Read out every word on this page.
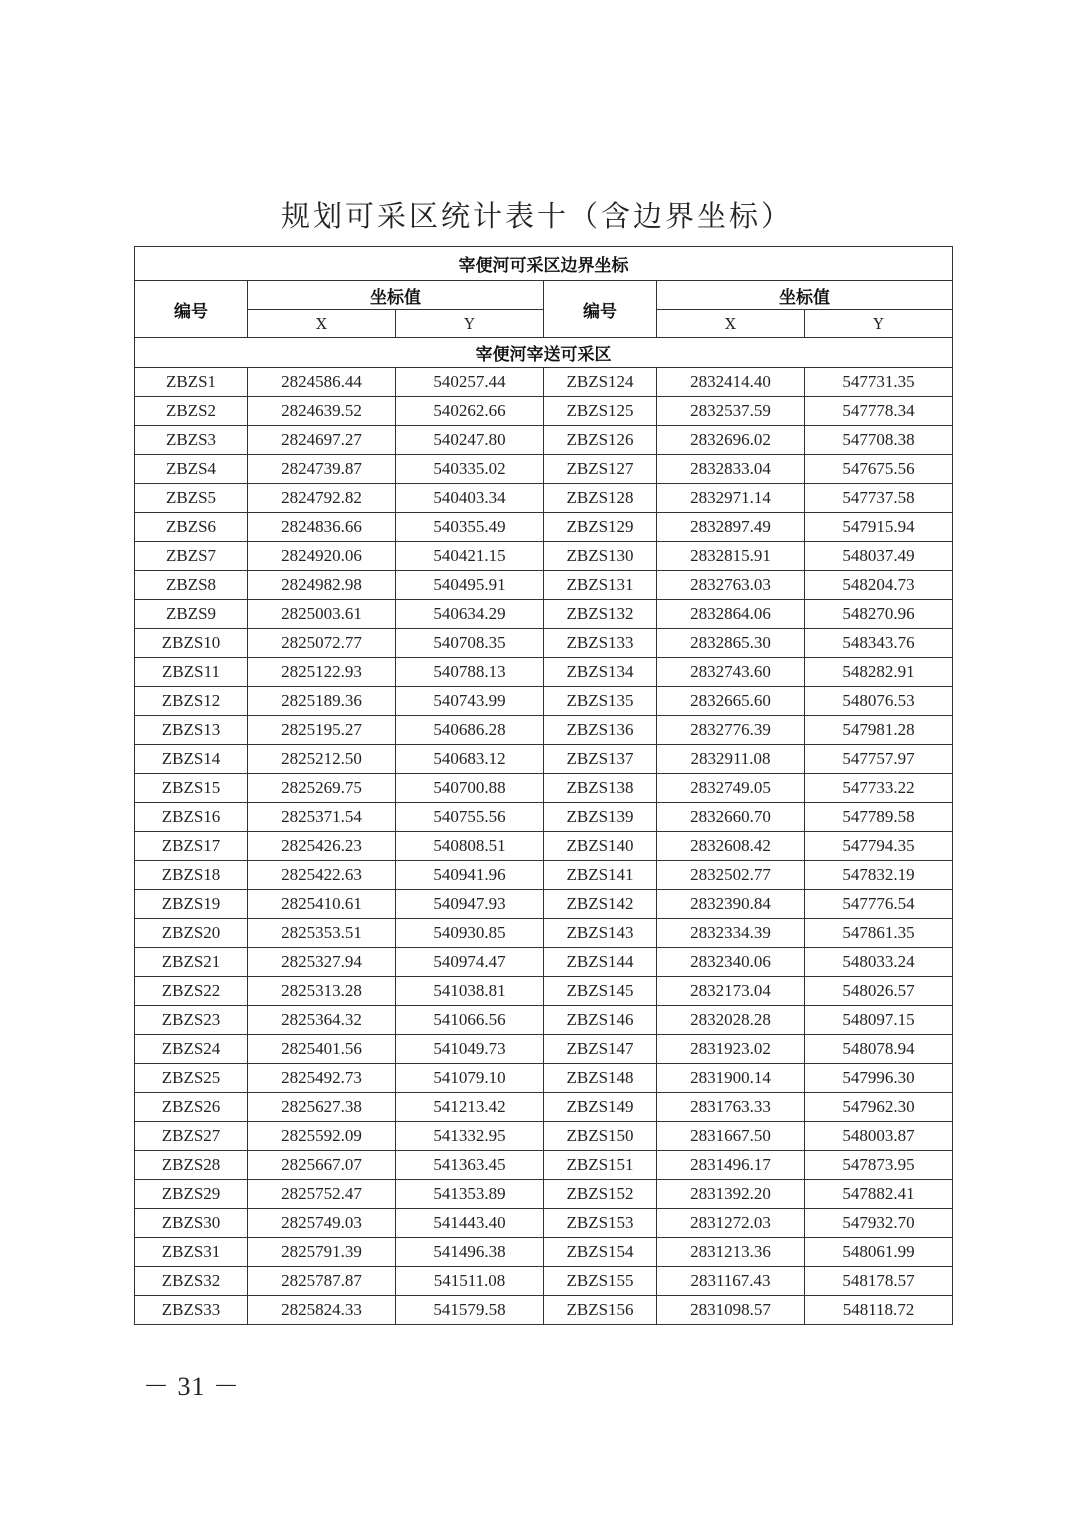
规划可采区统计表十（含边界坐标）
宰便河可采区边界坐标					
编号	坐标值		编号	坐标值	
	X	Y		X	Y
宰便河宰送可采区					
ZBZS1	2824586.44	540257.44	ZBZS124	2832414.40	547731.35
ZBZS2	2824639.52	540262.66	ZBZS125	2832537.59	547778.34
ZBZS3	2824697.27	540247.80	ZBZS126	2832696.02	547708.38
ZBZS4	2824739.87	540335.02	ZBZS127	2832833.04	547675.56
ZBZS5	2824792.82	540403.34	ZBZS128	2832971.14	547737.58
ZBZS6	2824836.66	540355.49	ZBZS129	2832897.49	547915.94
ZBZS7	2824920.06	540421.15	ZBZS130	2832815.91	548037.49
ZBZS8	2824982.98	540495.91	ZBZS131	2832763.03	548204.73
ZBZS9	2825003.61	540634.29	ZBZS132	2832864.06	548270.96
ZBZS10	2825072.77	540708.35	ZBZS133	2832865.30	548343.76
ZBZS11	2825122.93	540788.13	ZBZS134	2832743.60	548282.91
ZBZS12	2825189.36	540743.99	ZBZS135	2832665.60	548076.53
ZBZS13	2825195.27	540686.28	ZBZS136	2832776.39	547981.28
ZBZS14	2825212.50	540683.12	ZBZS137	2832911.08	547757.97
ZBZS15	2825269.75	540700.88	ZBZS138	2832749.05	547733.22
ZBZS16	2825371.54	540755.56	ZBZS139	2832660.70	547789.58
ZBZS17	2825426.23	540808.51	ZBZS140	2832608.42	547794.35
ZBZS18	2825422.63	540941.96	ZBZS141	2832502.77	547832.19
ZBZS19	2825410.61	540947.93	ZBZS142	2832390.84	547776.54
ZBZS20	2825353.51	540930.85	ZBZS143	2832334.39	547861.35
ZBZS21	2825327.94	540974.47	ZBZS144	2832340.06	548033.24
ZBZS22	2825313.28	541038.81	ZBZS145	2832173.04	548026.57
ZBZS23	2825364.32	541066.56	ZBZS146	2832028.28	548097.15
ZBZS24	2825401.56	541049.73	ZBZS147	2831923.02	548078.94
ZBZS25	2825492.73	541079.10	ZBZS148	2831900.14	547996.30
ZBZS26	2825627.38	541213.42	ZBZS149	2831763.33	547962.30
ZBZS27	2825592.09	541332.95	ZBZS150	2831667.50	548003.87
ZBZS28	2825667.07	541363.45	ZBZS151	2831496.17	547873.95
ZBZS29	2825752.47	541353.89	ZBZS152	2831392.20	547882.41
ZBZS30	2825749.03	541443.40	ZBZS153	2831272.03	547932.70
ZBZS31	2825791.39	541496.38	ZBZS154	2831213.36	548061.99
ZBZS32	2825787.87	541511.08	ZBZS155	2831167.43	548178.57
ZBZS33	2825824.33	541579.58	ZBZS156	2831098.57	548118.72
－ 31 －
